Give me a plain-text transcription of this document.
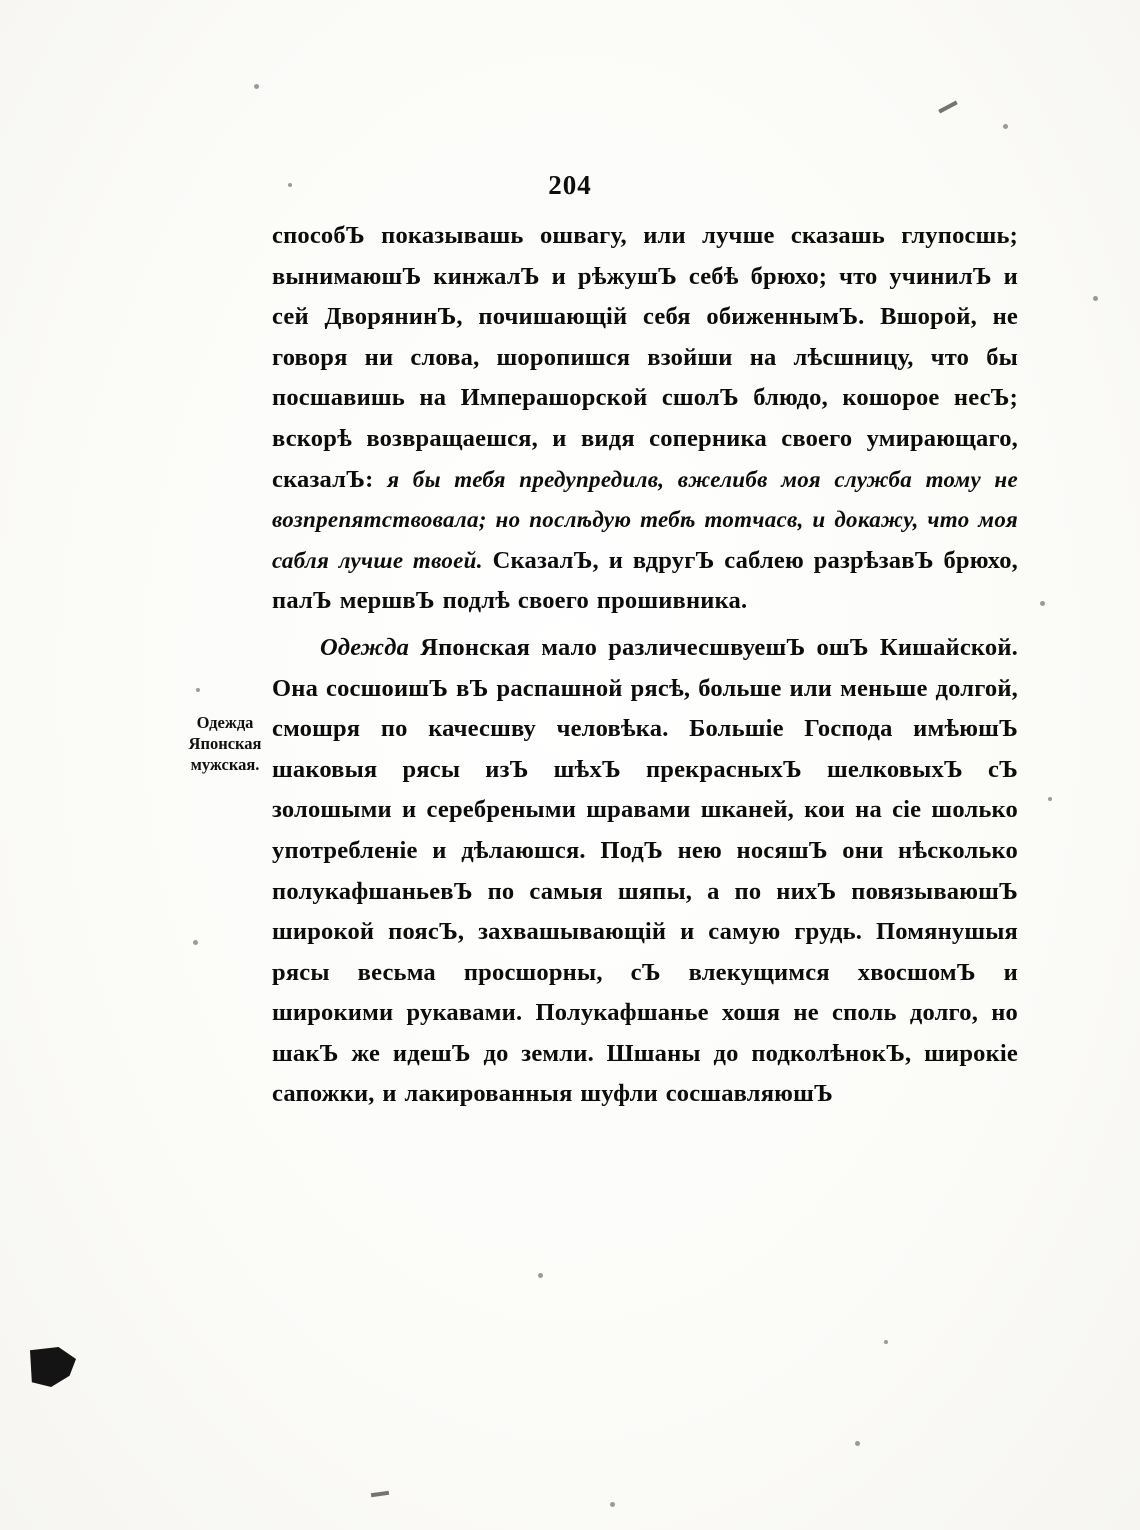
204
Одежда
Японская
мужская.

способЪ показывашь ошвагу, или лучше сказашь глупосшь; вынимаюшЪ кинжалЪ и рѣжушЪ себѣ брюхо; что учинилЪ и сей ДворянинЪ, почишающiй себя обиженнымЪ. Вшорой, не говоря ни слова, шоропишся взойши на лѣсшницу, что бы посшавишь на Имперашорской сшолЪ блюдо, кошорое несЪ; вскорѣ возвращаешся, и видя соперника своего умирающаго, сказалЪ: я бы тебя предупредилв, вжелибв моя служба тому не возпрепятствовала; но послѣдую тебѣ тотчасв, и докажу, что моя сабля лучше твоей. СказалЪ, и вдругЪ саблею разрѣзавЪ брюхо, палЪ мершвЪ подлѣ своего прошивника.

Одежда Японская мало различесшвуешЪ ошЪ Кишайской. Она сосшоишЪ вЪ распашной рясѣ, больше или меньше долгой, смошря по качесшву человѣка. Большiе Господа имѣюшЪ шаковыя рясы изЪ шѣхЪ прекрасныхЪ шелковыхЪ сЪ золошыми и серебреными шравами шканей, кои на сiе шолько употребленiе и дѣлаюшся. ПодЪ нею носяшЪ они нѣсколько полукафшаньевЪ по самыя шяпы, а по нихЪ повязываюшЪ широкой поясЪ, захвашывающiй и самую грудь. Помянушыя рясы весьма просшорны, сЪ влекущимся хвосшомЪ и широкими рукавами. Полукафшанье хошя не споль долго, но шакЪ же идешЪ до земли. Шшаны до подколѣнокЪ, широкiе сапожки, и лакированныя шуфли сосшавляюшЪ
